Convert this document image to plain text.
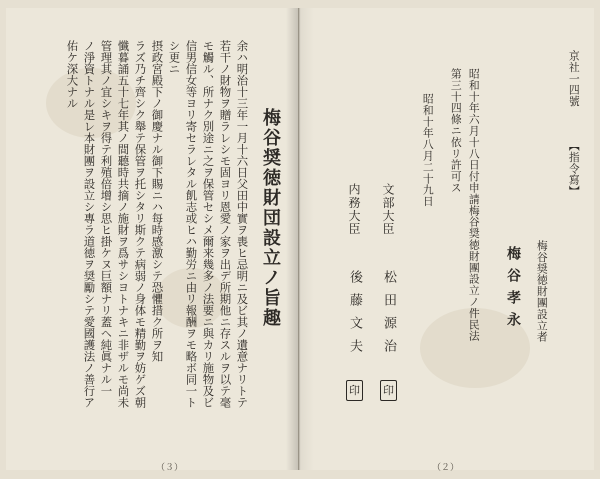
余ハ明治十三年一月十六日父田中實ヲ喪ヒ忌明ニ及ビ其ノ遺意ナリトテ
若干ノ財物ヲ贈ラレシモ固ヨリ恩愛ノ家ヲ出デ所期他ニ存スルヲ以テ毫
モ觸ル、所ナク別途ニ之ヲ保管セシメ爾来幾多ノ法要ニ與カリ施物及ビ
信男信女等ヨリ寄セラレタル飢志或ヒハ勤労ニ由リ報酬ヲモ略ボ同一ト
シ更ニ
摂政宮殿下ノ御慶ナル御下賜ニハ每時感激シテ恐懼措ク所ヲ知
ラズ乃チ齊シク舉テ保管ヲ托シタリ斯クテ病弱ノ身体モ精勤ヲ妨ゲズ朝
懺暮誦五十七年其ノ間聽時共摘ノ施財ヲ爲サシヨトナキニ非ザルモ尚未
管理其ノ宜シキヲ得テ利殖倍增シ思ヒ掛ケヌ巨額ナリ蓋ヘ純眞ナル一
ノ淨資トナル是レ本財團ヲ設立シ專ラ道徳ヲ奨勵シテ愛國護法ノ善行ア
佑ケ深大ナル
梅谷奨徳財団設立ノ旨趣
（３）
京社一四號
【指令寫】
梅谷奨徳財團設立者
梅谷孝永
昭和十年六月十八日付申請梅谷奨徳財團設立ノ件民法
第三十四條ニ依リ許可ス
昭和十年八月二十九日
文部大臣
松田源治
印
内務大臣
後藤文夫
印
（２）
